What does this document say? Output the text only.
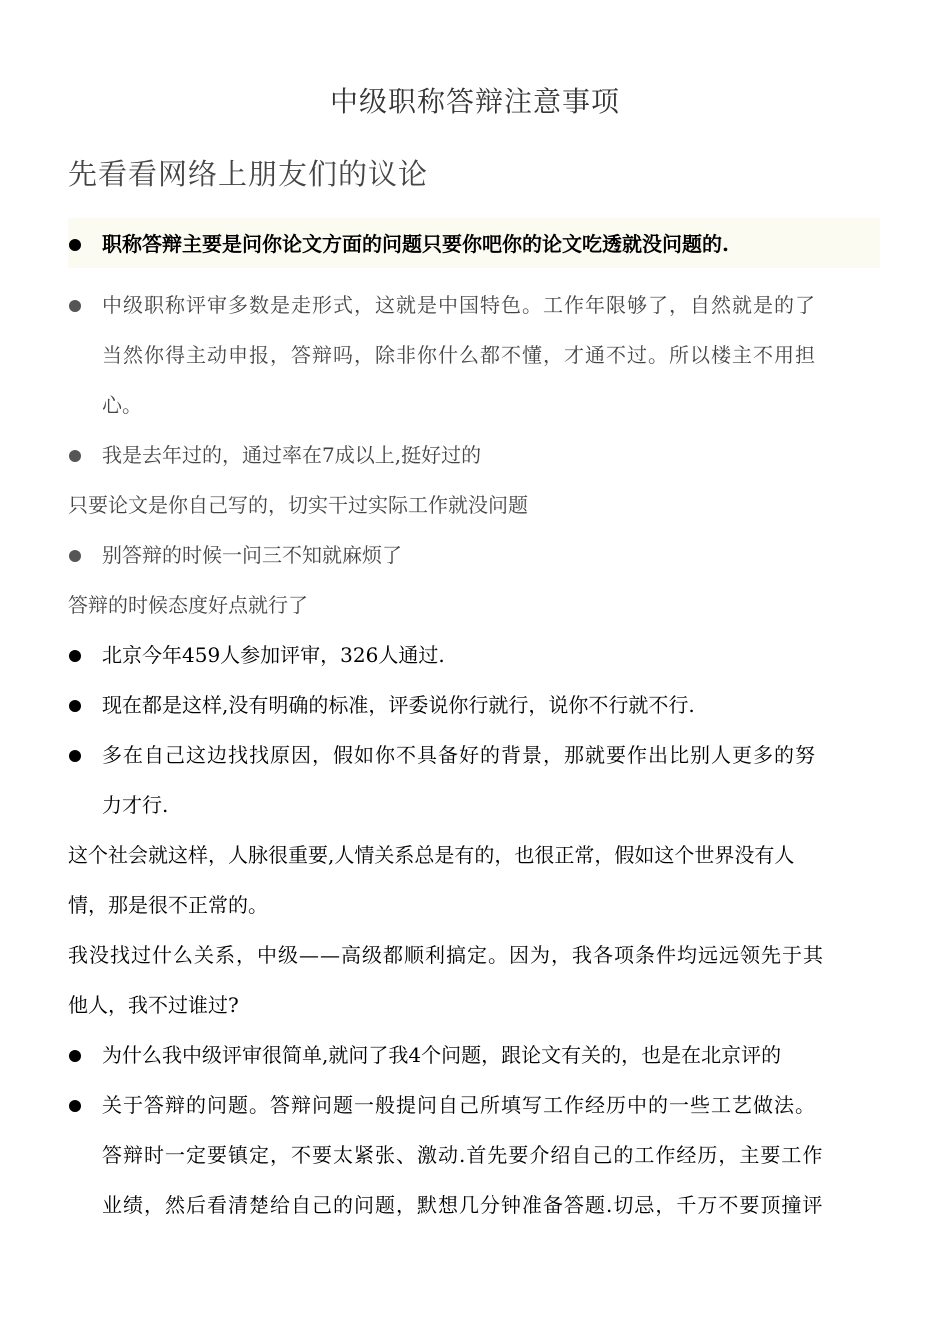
中级职称答辩注意事项
先看看网络上朋友们的议论
职称答辩主要是问你论文方面的问题只要你吧你的论文吃透就没问题的.
中级职称评审多数是走形式，这就是中国特色。工作年限够了，自然就是的了
当然你得主动申报，答辩吗，除非你什么都不懂，才通不过。所以楼主不用担
心。
我是去年过的，通过率在7成以上,挺好过的
只要论文是你自己写的，切实干过实际工作就没问题
别答辩的时候一问三不知就麻烦了
答辩的时候态度好点就行了
北京今年459人参加评审，326人通过.
现在都是这样,没有明确的标准，评委说你行就行，说你不行就不行.
多在自己这边找找原因，假如你不具备好的背景，那就要作出比别人更多的努
力才行.
这个社会就这样，人脉很重要,人情关系总是有的，也很正常，假如这个世界没有人
情，那是很不正常的。
我没找过什么关系，中级——高级都顺利搞定。因为，我各项条件均远远领先于其
他人，我不过谁过?
为什么我中级评审很简单,就问了我4个问题，跟论文有关的，也是在北京评的
关于答辩的问题。答辩问题一般提问自己所填写工作经历中的一些工艺做法。
答辩时一定要镇定，不要太紧张、激动.首先要介绍自己的工作经历，主要工作
业绩，然后看清楚给自己的问题，默想几分钟准备答题.切忌，千万不要顶撞评
